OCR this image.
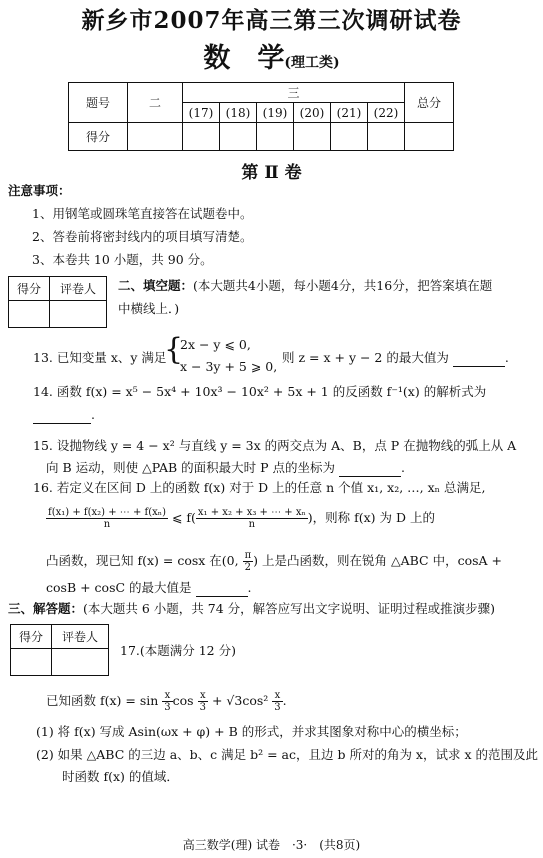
新乡市2007年高三第三次调研试卷
数　学(理工类)
题号	二	三						总分
		(17)	(18)	(19)	(20)	(21)	(22)	
得分								
第 Ⅱ 卷
注意事项：
1、用钢笔或圆珠笔直接答在试题卷中。
2、答卷前将密封线内的项目填写清楚。
3、本卷共 10 小题，共 90 分。
得分	评卷人
	二、填空题：(本大题共4小题，每小题4分，共16分，把答案填在题
中横线上．)
13. 已知变量 x、y 满足
{
2x − y ⩽ 0,
x − 3y + 5 ⩾ 0,
则 z = x + y − 2 的最大值为	.
14. 函数 f(x) = x⁵ − 5x⁴ + 10x³ − 10x² + 5x + 1 的反函数 f⁻¹(x) 的解析式为
.
15. 设抛物线 y = 4 − x² 与直线 y = 3x 的两交点为 A、B，点 P 在抛物线的弧上从 A
向 B 运动，则使 △PAB 的面积最大时 P 点的坐标为	.
16. 若定义在区间 D 上的函数 f(x) 对于 D 上的任意 n 个值 x₁, x₂, …, xₙ 总满足,
$\frac{\text{f(x₁) + f(x₂) + ⋯ + f(xₙ)}}{n}$ ⩽ $f( \frac{\text{x₁ + x₂ + x₃ + ⋯ + xₙ}}{n}$ )，则称 f(x) 为 D 上的
凸函数，现已知 f(x) = cosx 在(0, $\frac{\pi}{2}$ ) 上是凸函数，则在锐角 △ABC 中，cosA +
cosB + cosC 的最大值是	.
三、解答题：(本大题共 6 小题，共 74 分，解答应写出文字说明、证明过程或推演步骤)
得分	评卷人

17.(本题满分 12 分)
已知函数 $f(x) = \sin \frac{x}{3}$ $\cos \frac{x}{3} + √3\cos^2 \frac{x}{3}$ .
(1) 将 f(x) 写成 Asin(ωx + φ) + B 的形式，并求其图象对称中心的横坐标；
(2) 如果 △ABC 的三边 a、b、c 满足 b² = ac，且边 b 所对的角为 x，试求 x 的范围及此
时函数 f(x) 的值域．
高三数学(理) 试卷　·3·　(共8页)
